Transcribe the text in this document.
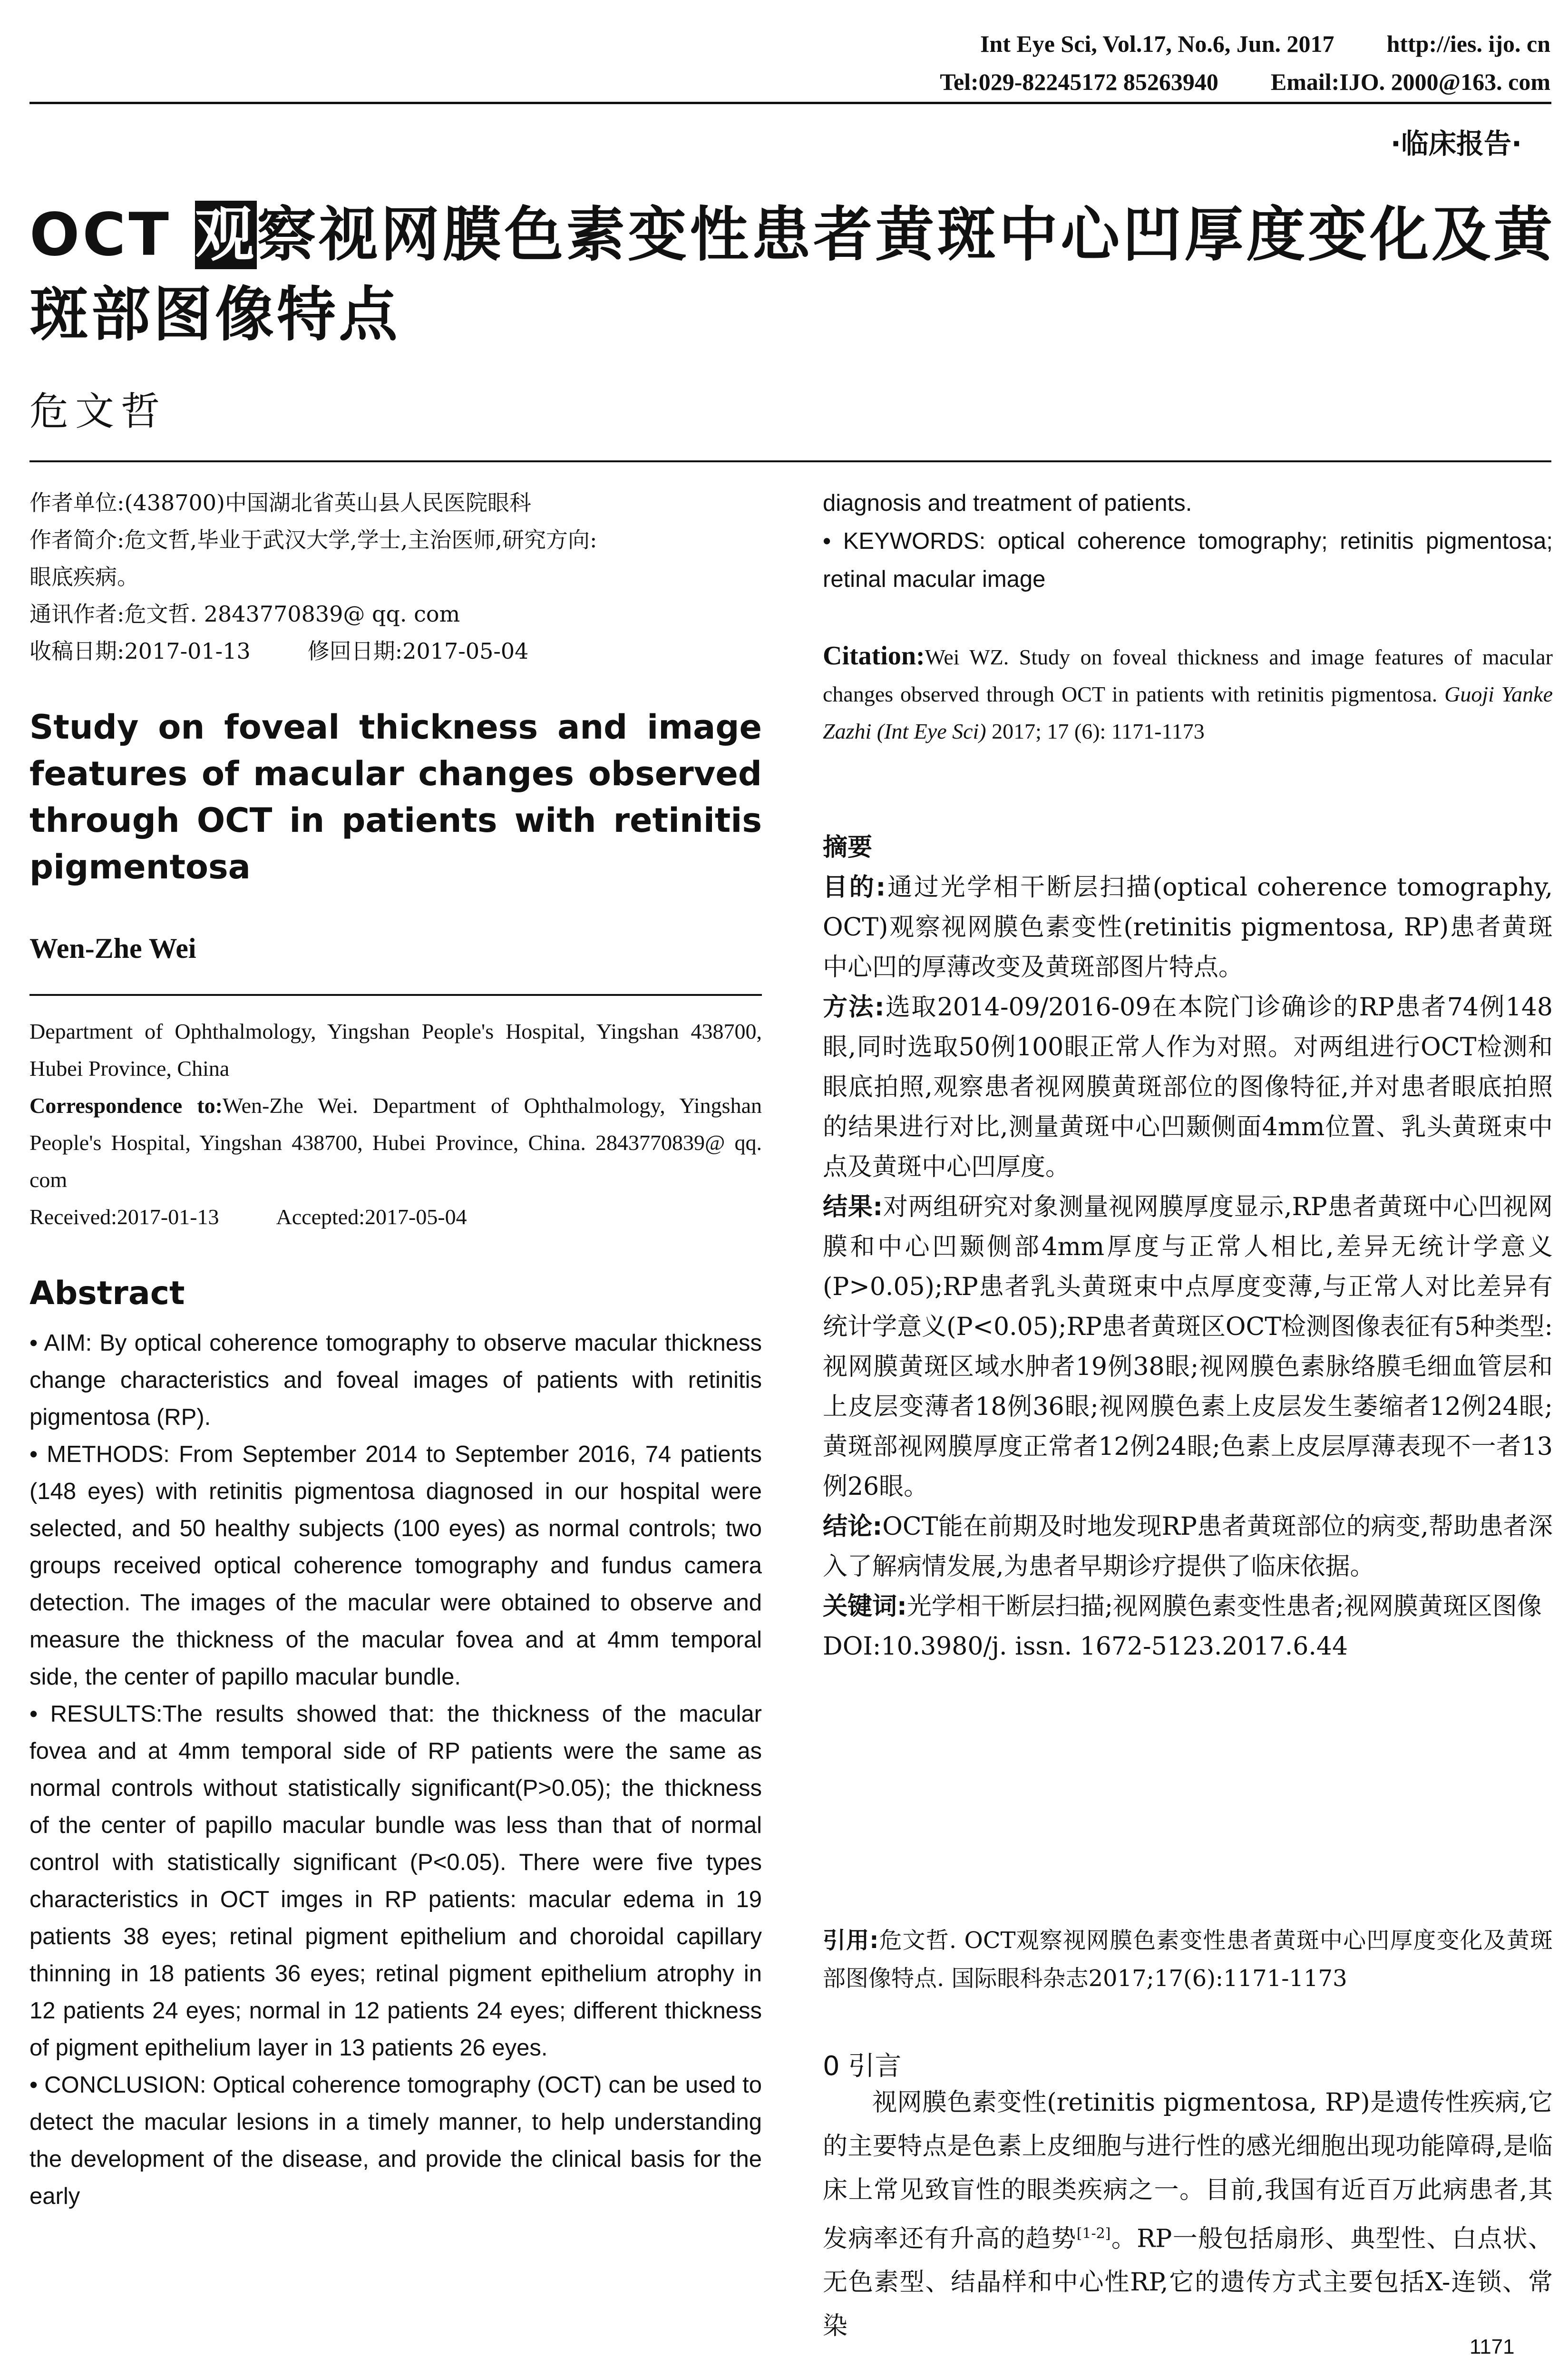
Int Eye Sci, Vol.17, No.6, Jun. 2017 http://ies. ijo. cn
Tel:029-82245172 85263940 Email:IJO. 2000@163. com
·临床报告·
OCT 观察视网膜色素变性患者黄斑中心凹厚度变化及黄斑部图像特点
危文哲
作者单位:(438700)中国湖北省英山县人民医院眼科
作者简介:危文哲,毕业于武汉大学,学士,主治医师,研究方向:
眼底疾病。
通讯作者:危文哲. 2843770839@ qq. com
收稿日期:2017-01-13	修回日期:2017-05-04
Study on foveal thickness and image features of macular changes observed through OCT in patients with retinitis pigmentosa
Wen-Zhe Wei
Department of Ophthalmology, Yingshan People's Hospital, Yingshan 438700, Hubei Province, China
Correspondence to:Wen-Zhe Wei. Department of Ophthalmology, Yingshan People's Hospital, Yingshan 438700, Hubei Province, China. 2843770839@ qq. com
Received:2017-01-13	Accepted:2017-05-04
Abstract

• AIM: By optical coherence tomography to observe macular thickness change characteristics and foveal images of patients with retinitis pigmentosa (RP).

• METHODS: From September 2014 to September 2016, 74 patients (148 eyes) with retinitis pigmentosa diagnosed in our hospital were selected, and 50 healthy subjects (100 eyes) as normal controls; two groups received optical coherence tomography and fundus camera detection. The images of the macular were obtained to observe and measure the thickness of the macular fovea and at 4mm temporal side, the center of papillo macular bundle.

• RESULTS:The results showed that: the thickness of the macular fovea and at 4mm temporal side of RP patients were the same as normal controls without statistically significant(P>0.05); the thickness of the center of papillo macular bundle was less than that of normal control with statistically significant (P<0.05). There were five types characteristics in OCT imges in RP patients: macular edema in 19 patients 38 eyes; retinal pigment epithelium and choroidal capillary thinning in 18 patients 36 eyes; retinal pigment epithelium atrophy in 12 patients 24 eyes; normal in 12 patients 24 eyes; different thickness of pigment epithelium layer in 13 patients 26 eyes.

• CONCLUSION: Optical coherence tomography (OCT) can be used to detect the macular lesions in a timely manner, to help understanding the development of the disease, and provide the clinical basis for the early

diagnosis and treatment of patients.

• KEYWORDS: optical coherence tomography; retinitis pigmentosa; retinal macular image

Citation:Wei WZ. Study on foveal thickness and image features of macular changes observed through OCT in patients with retinitis pigmentosa. Guoji Yanke Zazhi (Int Eye Sci) 2017; 17 (6): 1171-1173

摘要

目的:通过光学相干断层扫描(optical coherence tomography, OCT)观察视网膜色素变性(retinitis pigmentosa, RP)患者黄斑中心凹的厚薄改变及黄斑部图片特点。

方法:选取2014-09/2016-09在本院门诊确诊的RP患者74例148眼,同时选取50例100眼正常人作为对照。对两组进行OCT检测和眼底拍照,观察患者视网膜黄斑部位的图像特征,并对患者眼底拍照的结果进行对比,测量黄斑中心凹颞侧面4mm位置、乳头黄斑束中点及黄斑中心凹厚度。

结果:对两组研究对象测量视网膜厚度显示,RP患者黄斑中心凹视网膜和中心凹颞侧部4mm厚度与正常人相比,差异无统计学意义(P>0.05);RP患者乳头黄斑束中点厚度变薄,与正常人对比差异有统计学意义(P<0.05);RP患者黄斑区OCT检测图像表征有5种类型:视网膜黄斑区域水肿者19例38眼;视网膜色素脉络膜毛细血管层和上皮层变薄者18例36眼;视网膜色素上皮层发生萎缩者12例24眼;黄斑部视网膜厚度正常者12例24眼;色素上皮层厚薄表现不一者13例26眼。

结论:OCT能在前期及时地发现RP患者黄斑部位的病变,帮助患者深入了解病情发展,为患者早期诊疗提供了临床依据。

关键词:光学相干断层扫描;视网膜色素变性患者;视网膜黄斑区图像

DOI:10.3980/j. issn. 1672-5123.2017.6.44

引用:危文哲. OCT观察视网膜色素变性患者黄斑中心凹厚度变化及黄斑部图像特点. 国际眼科杂志2017;17(6):1171-1173
0 引言
视网膜色素变性(retinitis pigmentosa, RP)是遗传性疾病,它的主要特点是色素上皮细胞与进行性的感光细胞出现功能障碍,是临床上常见致盲性的眼类疾病之一。目前,我国有近百万此病患者,其发病率还有升高的趋势[1-2]。RP一般包括扇形、典型性、白点状、无色素型、结晶样和中心性RP,它的遗传方式主要包括X-连锁、常染
1171
